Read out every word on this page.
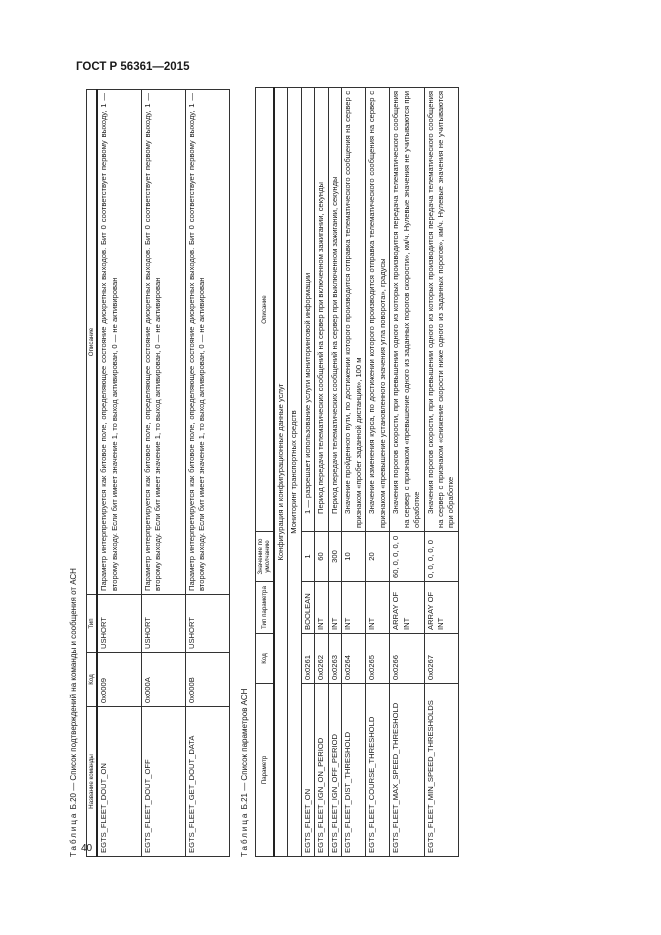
ГОСТ Р 56361—2015
40
Таблица Б.20 — Список подтверждений на команды и сообщения от АСН Название команды	Код	Тип	Описание
EGTS_FLEET_DOUT_ON	0x0009	USHORT	Параметр интерпретируется как битовое поле, определяющее состояние дискретных выходов. Бит 0 соответствует первому выходу, 1 — второму выходу. Если бит имеет значение 1, то выход активирован, 0 — не активирован
EGTS_FLEET_DOUT_OFF	0x000A	USHORT	Параметр интерпретируется как битовое поле, определяющее состояние дискретных выходов. Бит 0 соответствует первому выходу, 1 — второму выходу. Если бит имеет значение 1, то выход активирован, 0 — не активирован
EGTS_FLEET_GET_DOUT_DATA	0x000B	USHORT	Параметр интерпретируется как битовое поле, определяющее состояние дискретных выходов. Бит 0 соответствует первому выходу, 1 — второму выходу. Если бит имеет значение 1, то выход активирован, 0 — не активирован
Таблица Б.21 — Список параметров АСН Параметр	Код	Тип параметра	Значение по умолчанию	Описание
Конфигурация и конфигурационные данные услуг				
Мониторинг транспортных средств				
EGTS_FLEET_ON	0x0261	BOOLEAN	1	1 — разрешает использование услуги мониторинговой информации
EGTS_FLEET_IGN_ON_PERIOD	0x0262	INT	60	Период передачи телематических сообщений на сервер при включенном зажигании, секунды
EGTS_FLEET_IGN_OFF_PERIOD	0x0263	INT	300	Период передачи телематических сообщений на сервер при выключенном зажигании, секунды
EGTS_FLEET_DIST_THRESHOLD	0x0264	INT	10	Значение пройденного пути, по достижении которого производится отправка телематического сообщения на сервер с признаком «пробег заданной дистанции», 100 м
EGTS_FLEET_COURSE_THRESHOLD	0x0265	INT	20	Значение изменения курса, по достижении которого производится отправка телематического сообщения на сервер с признаком «превышение установленного значения угла поворота», градусы
EGTS_FLEET_MAX_SPEED_THRESHOLD	0x0266	ARRAY OF INT	60, 0, 0, 0, 0	Значения порогов скорости, при превышении одного из которых производится передача телематического сообщения на сервер с признаком «превышение одного из заданных порогов скорости», км/ч. Нулевые значения не учитываются при обработке
EGTS_FLEET_MIN_SPEED_THRESHOLDS	0x0267	ARRAY OF INT	0, 0, 0, 0, 0	Значения порогов скорости, при превышении одного из которых производится передача телематического сообщения на сервер с признаком «снижение скорости ниже одного из заданных порогов», км/ч. Нулевые значения не учитываются при обработке
